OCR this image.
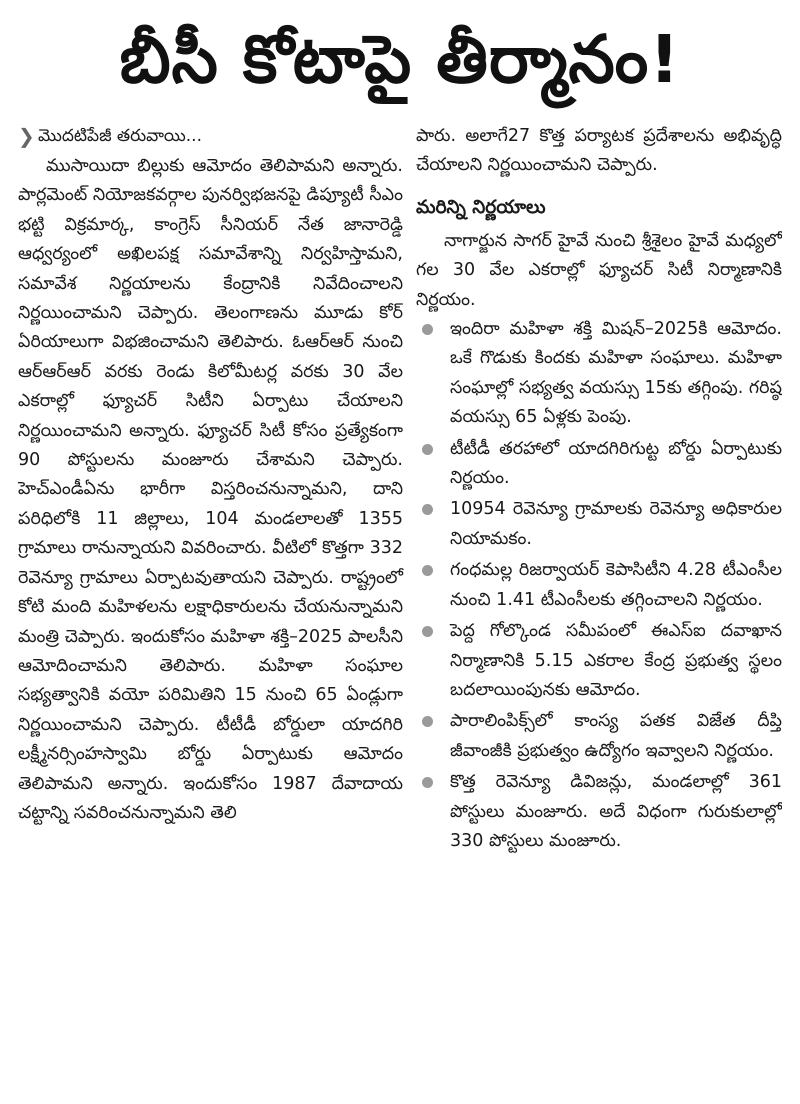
బీసీ కోటాపై తీర్మానం!
❯ మొదటిపేజీ తరువాయి...

ముసాయిదా బిల్లుకు ఆమోదం తెలిపామని అన్నారు. పార్లమెంట్ నియోజకవర్గాల పునర్విభజనపై డిప్యూటీ సీఎం భట్టి విక్రమార్క, కాంగ్రెస్ సీనియర్ నేత జానారెడ్డి ఆధ్వర్యంలో అఖిలపక్ష సమావేశాన్ని నిర్వహిస్తామని, సమావేశ నిర్ణయాలను కేంద్రానికి నివేదించాలని నిర్ణయించామని చెప్పారు. తెలంగాణను మూడు కోర్ ఏరియాలుగా విభజించామని తెలిపారు. ఓఆర్ఆర్ నుంచి ఆర్ఆర్ఆర్ వరకు రెండు కిలోమీటర్ల వరకు 30 వేల ఎకరాల్లో ఫ్యూచర్ సిటీని ఏర్పాటు చేయాలని నిర్ణయించామని అన్నారు. ఫ్యూచర్ సిటీ కోసం ప్రత్యేకంగా 90 పోస్టులను మంజూరు చేశామని చెప్పారు. హెచ్ఎండీఏను భారీగా విస్తరించనున్నామని, దాని పరిధిలోకి 11 జిల్లాలు, 104 మండలాలతో 1355 గ్రామాలు రానున్నాయని వివరించారు. వీటిలో కొత్తగా 332 రెవెన్యూ గ్రామాలు ఏర్పాటవుతాయని చెప్పారు. రాష్ట్రంలో కోటి మంది మహిళలను లక్షాధికారులను చేయనున్నామని మంత్రి చెప్పారు. ఇందుకోసం మహిళా శక్తి–2025 పాలసీని ఆమోదించామని తెలిపారు. మహిళా సంఘాల సభ్యత్వానికి వయో పరిమితిని 15 నుంచి 65 ఏండ్లుగా నిర్ణయించామని చెప్పారు. టీటీడీ బోర్డులా యాదగిరి లక్ష్మీనర్సింహస్వామి బోర్డు ఏర్పాటుకు ఆమోదం తెలిపామని అన్నారు. ఇందుకోసం 1987 దేవాదాయ చట్టాన్ని సవరించనున్నామని తెలి

పారు. అలాగే27 కొత్త పర్యాటక ప్రదేశాలను అభివృద్ధి చేయాలని నిర్ణయించామని చెప్పారు.

మరిన్ని నిర్ణయాలు

నాగార్జున సాగర్ హైవే నుంచి శ్రీశైలం హైవే మధ్యలో గల 30 వేల ఎకరాల్లో ఫ్యూచర్ సిటీ నిర్మాణానికి నిర్ణయం.

ఇందిరా మహిళా శక్తి మిషన్–2025కి ఆమోదం. ఒకే గొడుకు కిందకు మహిళా సంఘాలు. మహిళా సంఘాల్లో సభ్యత్వ వయస్సు 15కు తగ్గింపు. గరిష్ఠ వయస్సు 65 ఏళ్లకు పెంపు.
టీటీడీ తరహాలో యాదగిరిగుట్ట బోర్డు ఏర్పాటుకు నిర్ణయం.
10954 రెవెన్యూ గ్రామాలకు రెవెన్యూ అధికారుల నియామకం.
గంధమల్ల రిజర్వాయర్ కెపాసిటీని 4.28 టీఎంసీల నుంచి 1.41 టీఎంసీలకు తగ్గించాలని నిర్ణయం.
పెద్ద గోల్కొండ సమీపంలో ఈఎస్ఐ దవాఖాన నిర్మాణానికి 5.15 ఎకరాల కేంద్ర ప్రభుత్వ స్థలం బదలాయింపునకు ఆమోదం.
పారాలింపిక్స్‌లో కాంస్య పతక విజేత దీప్తి జీవాంజీకి ప్రభుత్వం ఉద్యోగం ఇవ్వాలని నిర్ణయం.
కొత్త రెవెన్యూ డివిజన్లు, మండలాల్లో 361 పోస్టులు మంజూరు. అదే విధంగా గురుకులాల్లో 330 పోస్టులు మంజూరు.
